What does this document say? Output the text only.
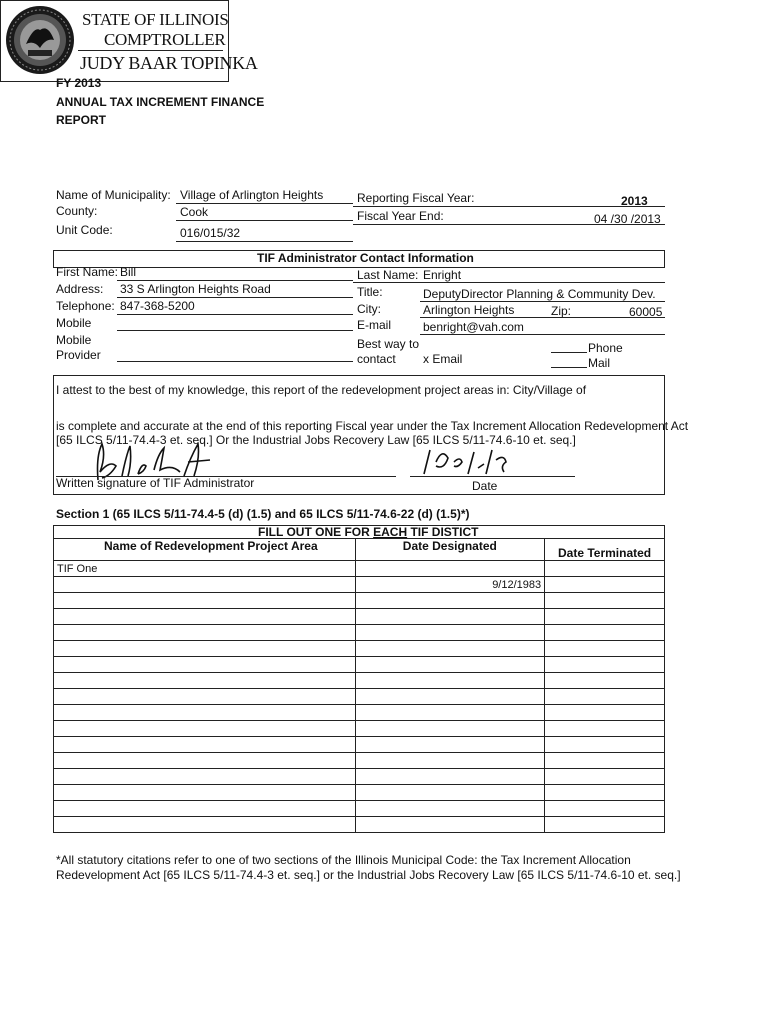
FY 2013
ANNUAL TAX INCREMENT FINANCE
REPORT
STATE OF ILLINOIS
COMPTROLLER
JUDY BAAR TOPINKA
Name of Municipality: Village of Arlington Heights
County:	Cook
Unit Code:	016/015/32
Reporting Fiscal Year:	2013
Fiscal Year End:	04 /30 /2013
TIF Administrator Contact Information
First Name: Bill
Address: 33 S Arlington Heights Road
Telephone: 847-368-5200
Mobile
Mobile
Provider
Last Name: Enright
Title:	DeputyDirector Planning & Community Dev.
City:	Arlington Heights	Zip:	60005
E-mail	benright@vah.com
Best way to
contact x Email
Phone
Mail
I attest to the best of my knowledge, this report of the redevelopment project areas in: City/Village of
is complete and accurate at the end of this reporting Fiscal year under the Tax Increment Allocation Redevelopment Act
[65 ILCS 5/11-74.4-3 et. seq.] Or the Industrial Jobs Recovery Law [65 ILCS 5/11-74.6-10 et. seq.]
Written signature of TIF Administrator	Date
Section 1 (65 ILCS 5/11-74.4-5 (d) (1.5) and 65 ILCS 5/11-74.6-22 (d) (1.5)*)
FILL OUT ONE FOR EACH TIF DISTICT
Name of Redevelopment Project Area	Date Designated	Date Terminated
TIF One		
	9/12/1983	

*All statutory citations refer to one of two sections of the Illinois Municipal Code: the Tax Increment Allocation
Redevelopment Act [65 ILCS 5/11-74.4-3 et. seq.] or the Industrial Jobs Recovery Law [65 ILCS 5/11-74.6-10 et. seq.]
